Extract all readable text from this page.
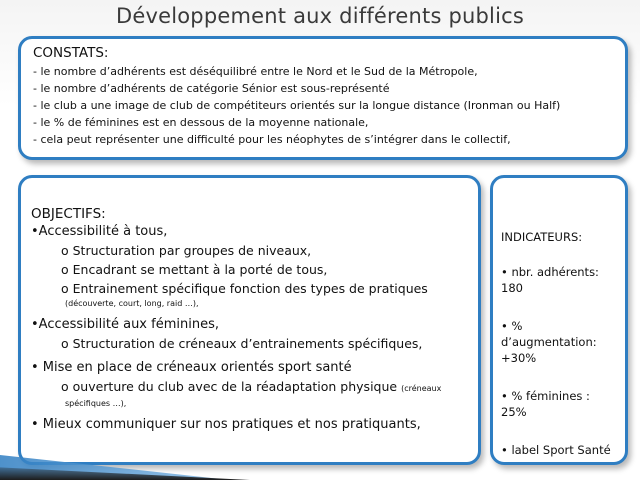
Développement aux différents publics
CONSTATS:
- le nombre d’adhérents est déséquilibré entre le Nord et le Sud de la Métropole,
- le nombre d’adhérents de catégorie Sénior est sous-représenté
- le club a une image de club de compétiteurs orientés sur la longue distance (Ironman ou Half)
- le % de féminines est en dessous de la moyenne nationale,
- cela peut représenter une difficulté pour les néophytes de s’intégrer dans le collectif,
OBJECTIFS:
•Accessibilité à tous,
o Structuration par groupes de niveaux,
o Encadrant se mettant à la porté de tous,
o Entrainement spécifique fonction des types de pratiques
(découverte, court, long, raid …),
•Accessibilité aux féminines,
o Structuration de créneaux d’entrainements spécifiques,
• Mise en place de créneaux orientés sport santé
o ouverture du club avec de la réadaptation physique (créneaux
spécifiques …),
• Mieux communiquer sur nos pratiques et nos pratiquants,
INDICATEURS:
• nbr. adhérents: 180
• % d’augmentation: +30%
• % féminines : 25%
• label Sport Santé
